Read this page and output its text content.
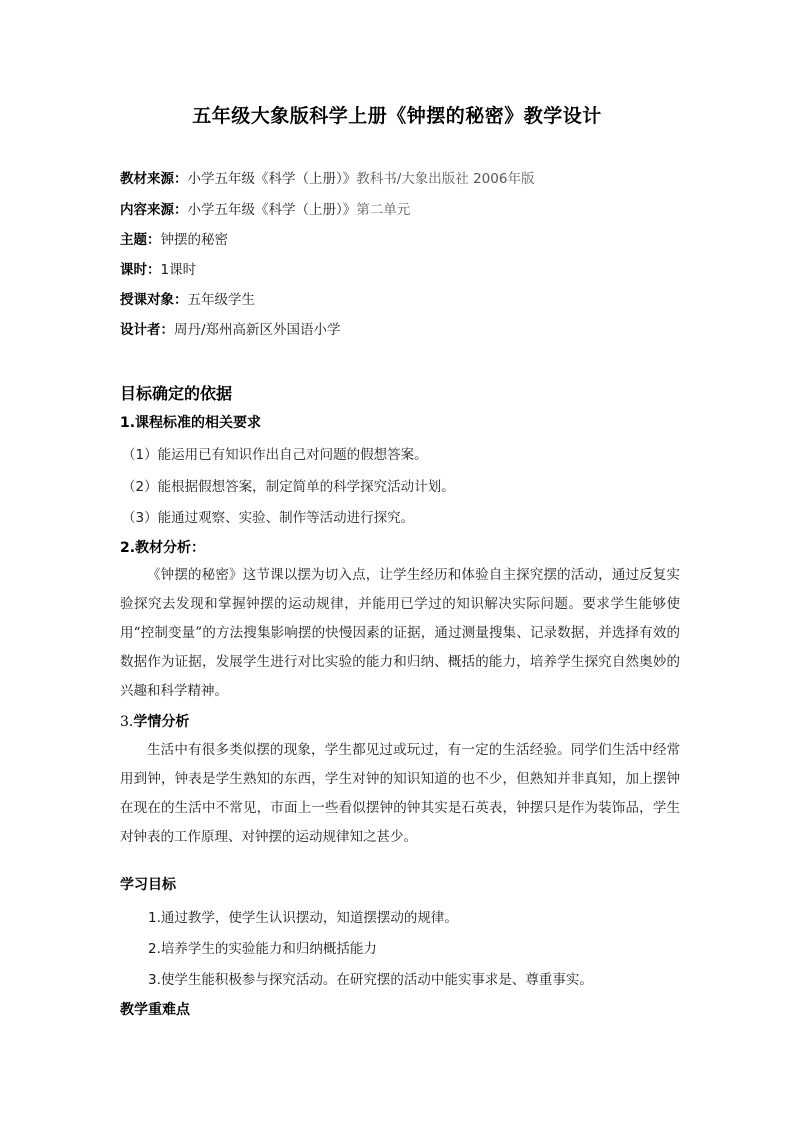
五年级大象版科学上册《钟摆的秘密》教学设计
教材来源：小学五年级《科学（上册）》教科书/大象出版社 2006年版
内容来源：小学五年级《科学（上册）》第二单元
主题：钟摆的秘密
课时：1课时
授课对象：五年级学生
设计者：周丹/郑州高新区外国语小学
目标确定的依据
1.课程标准的相关要求
（1）能运用已有知识作出自己对问题的假想答案。
（2）能根据假想答案，制定简单的科学探究活动计划。
（3）能通过观察、实验、制作等活动进行探究。
2.教材分析：
《钟摆的秘密》这节课以摆为切入点，让学生经历和体验自主探究摆的活动，通过反复实验探究去发现和掌握钟摆的运动规律，并能用已学过的知识解决实际问题。要求学生能够使用“控制变量”的方法搜集影响摆的快慢因素的证据，通过测量搜集、记录数据，并选择有效的数据作为证据，发展学生进行对比实验的能力和归纳、概括的能力，培养学生探究自然奥妙的兴趣和科学精神。
3.学情分析
生活中有很多类似摆的现象，学生都见过或玩过，有一定的生活经验。同学们生活中经常用到钟，钟表是学生熟知的东西，学生对钟的知识知道的也不少，但熟知并非真知，加上摆钟在现在的生活中不常见，市面上一些看似摆钟的钟其实是石英表，钟摆只是作为装饰品，学生对钟表的工作原理、对钟摆的运动规律知之甚少。
学习目标
1.通过教学，使学生认识摆动，知道摆摆动的规律。
2.培养学生的实验能力和归纳概括能力
3.使学生能积极参与探究活动。在研究摆的活动中能实事求是、尊重事实。
教学重难点
